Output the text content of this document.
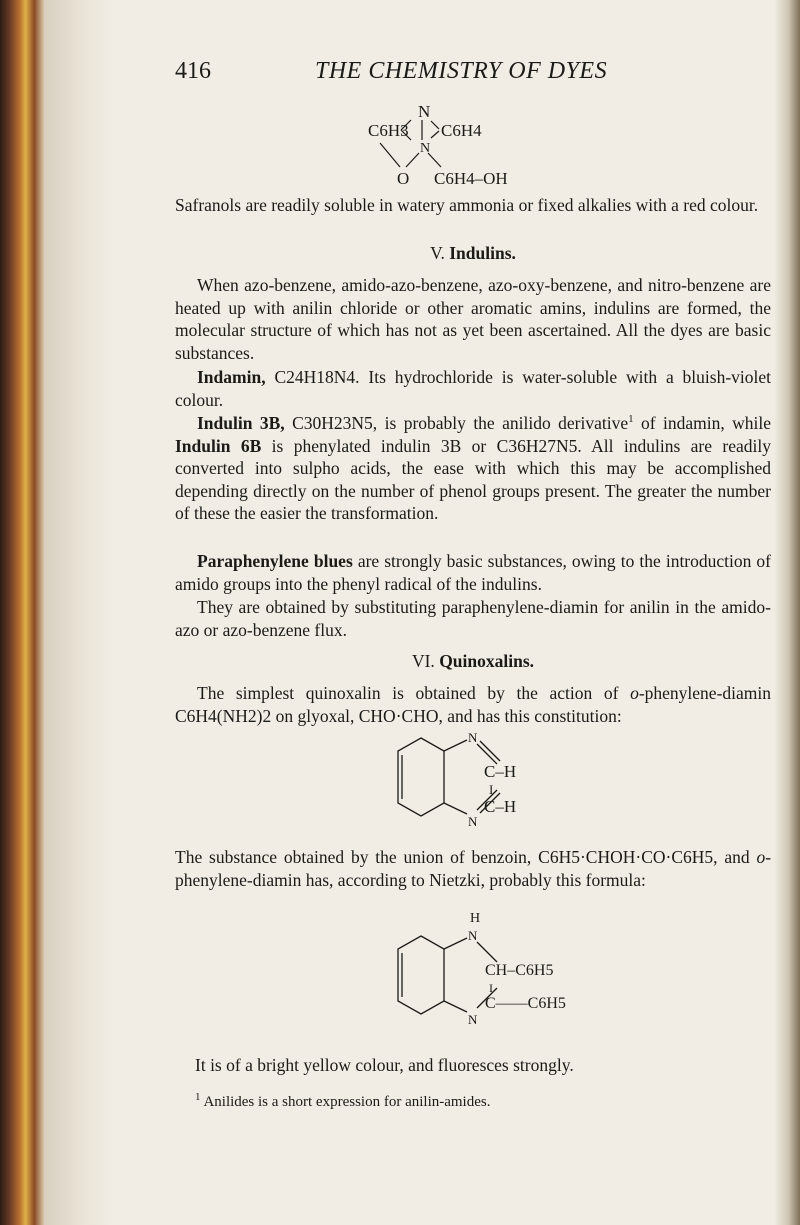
416	THE CHEMISTRY OF DYES
N
C6H3 C6H4
N
O C6H4–OH

Safranols are readily soluble in watery ammonia or fixed alkalies with a red colour.

V. Indulins.

When azo-benzene, amido-azo-benzene, azo-oxy-benzene, and nitro-benzene are heated up with anilin chloride or other aromatic amins, indulins are formed, the molecular structure of which has not as yet been ascertained. All the dyes are basic substances.

Indamin, C24H18N4. Its hydrochloride is water-soluble with a bluish-violet colour.

Indulin 3B, C30H23N5, is probably the anilido derivative$^1$ of indamin, while Indulin 6B is phenylated indulin 3B or C36H27N5. All indulins are readily converted into sulpho acids, the ease with which this may be accomplished depending directly on the number of phenol groups present. The greater the number of these the easier the transformation.

Paraphenylene blues are strongly basic substances, owing to the introduction of amido groups into the phenyl radical of the indulins.

They are obtained by substituting paraphenylene-diamin for anilin in the amido-azo or azo-benzene flux.

VI. Quinoxalins.

The simplest quinoxalin is obtained by the action of o-phenylene-diamin C6H4(NH2)2 on glyoxal, CHO·CHO, and has this constitution:

N
C–H
I
C–H
N

The substance obtained by the union of benzoin, C6H5·CHOH·CO·C6H5, and o-phenylene-diamin has, according to Nietzki, probably this formula:

H
N
CH–C6H5
I
C——C6H5
N

It is of a bright yellow colour, and fluoresces strongly.

$^1$ Anilides is a short expression for anilin-amides.
